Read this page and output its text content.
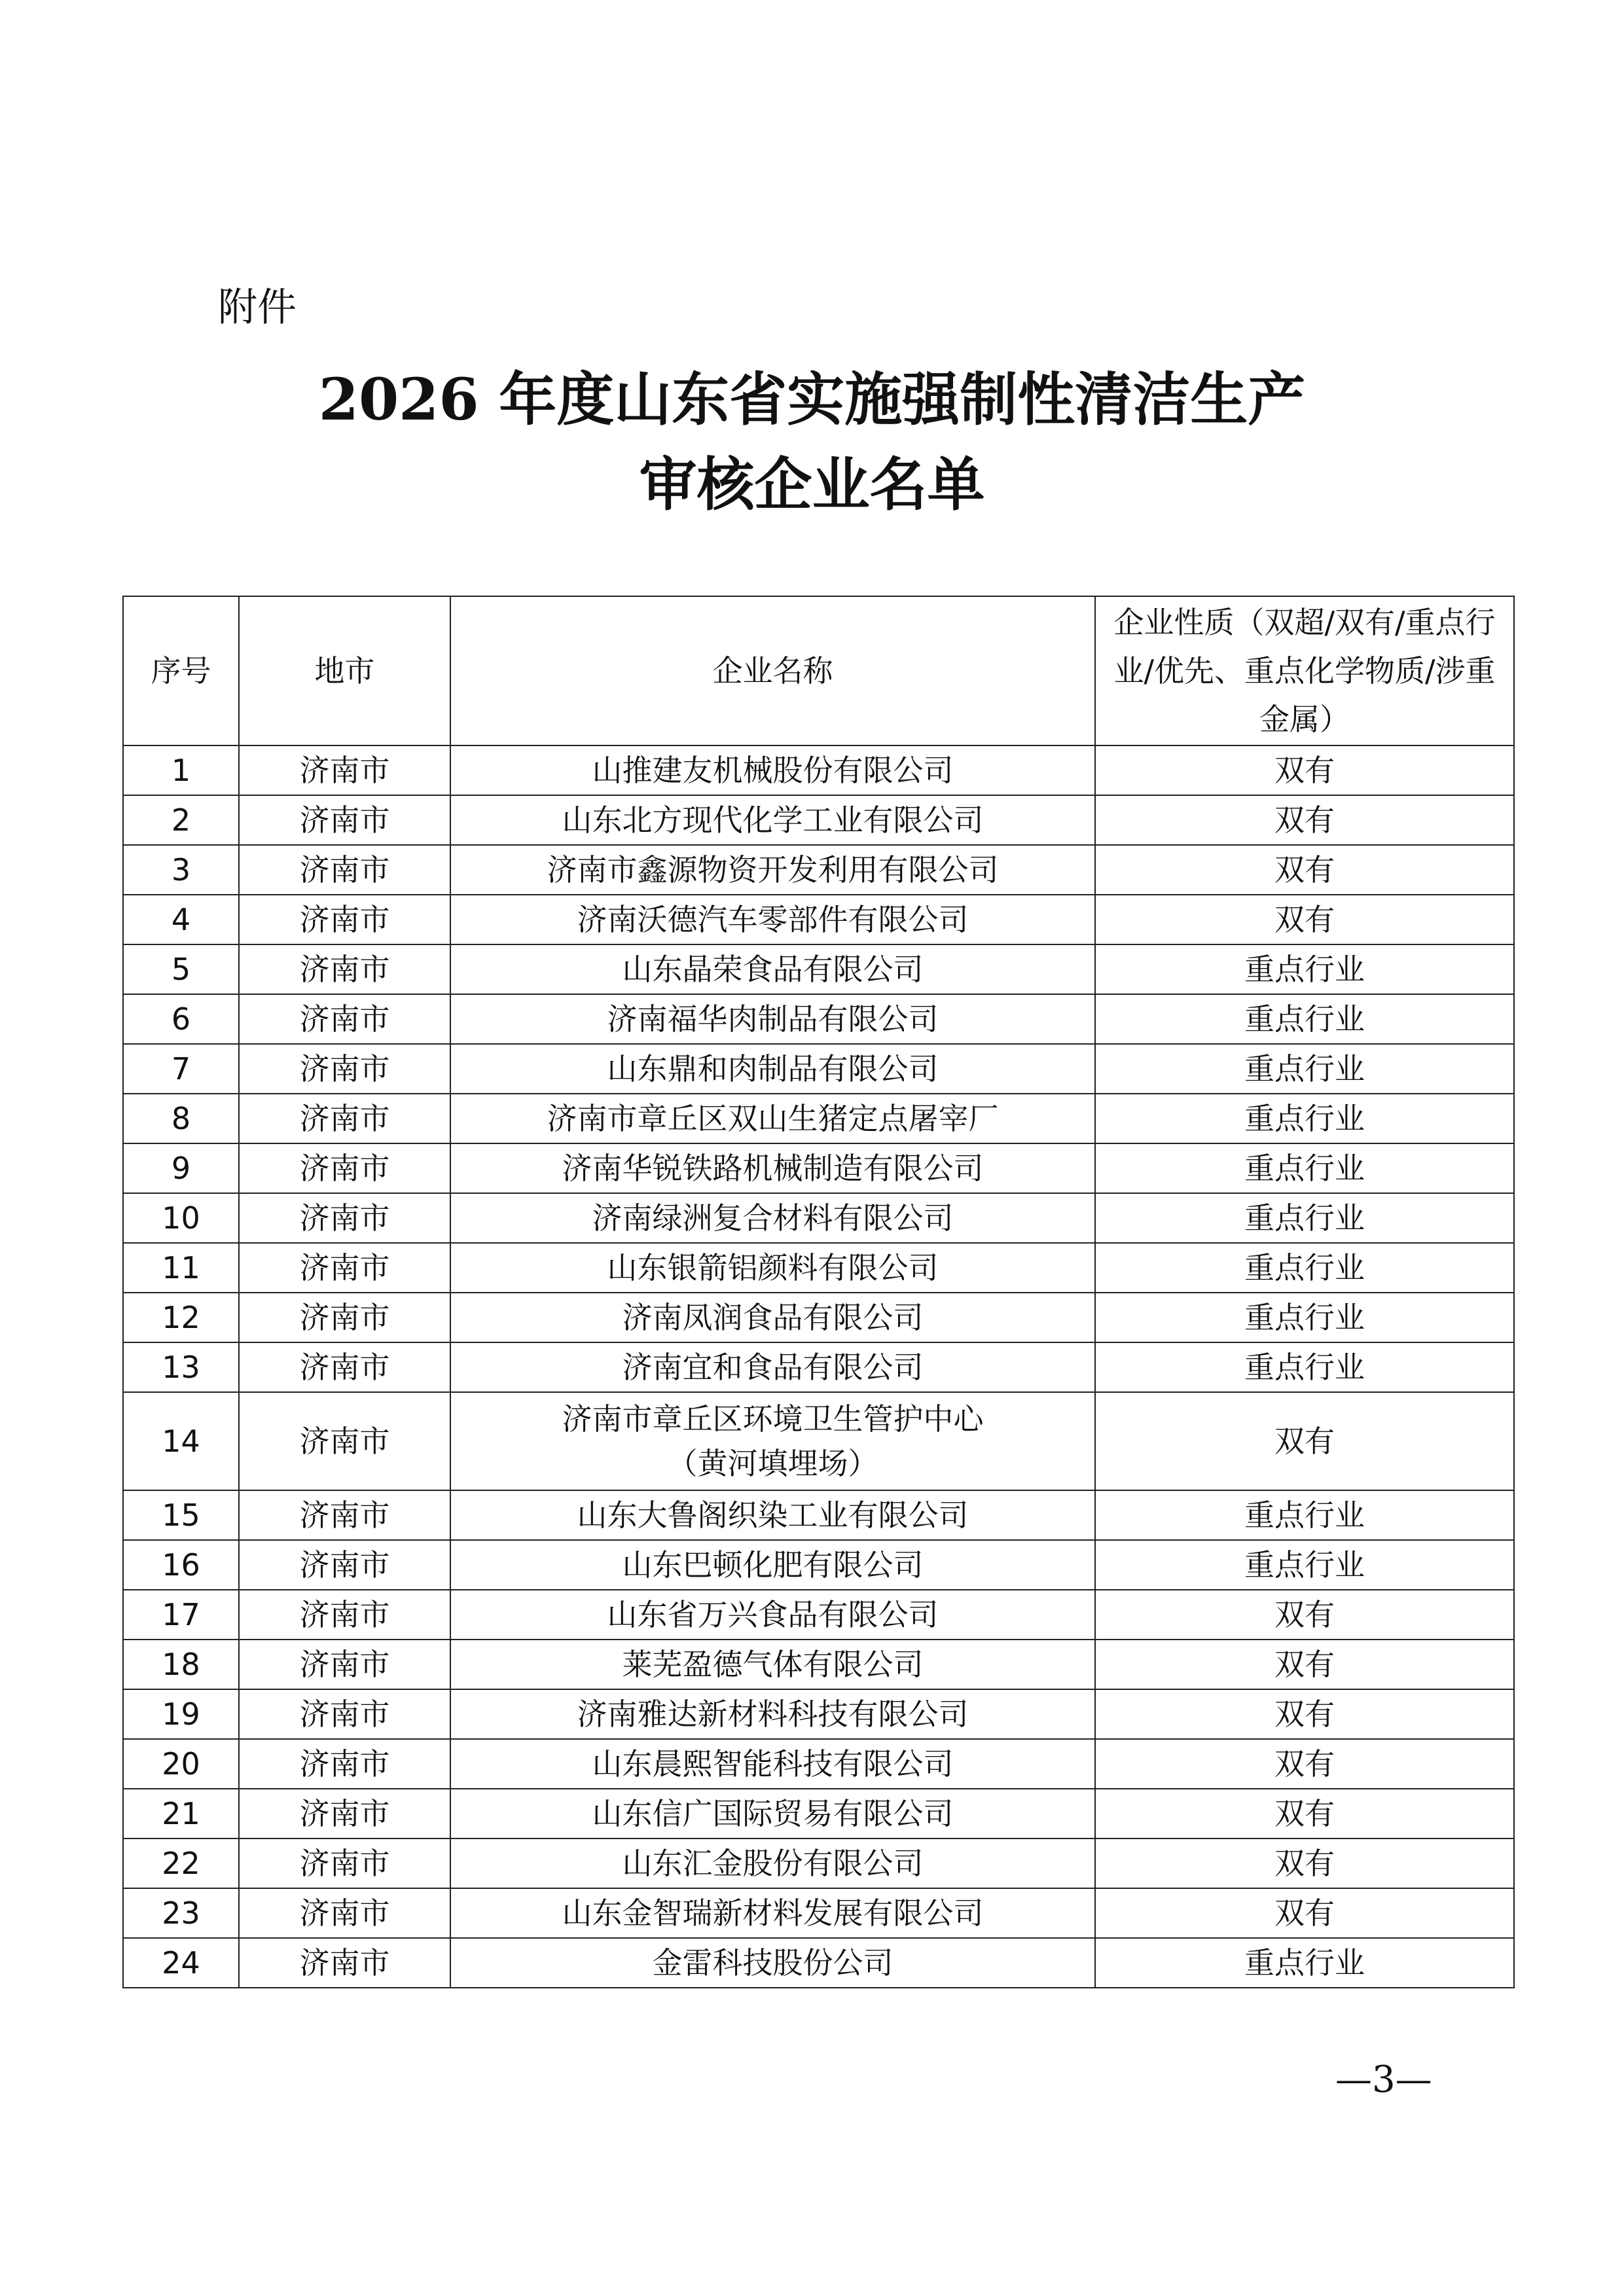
附件
2026 年度山东省实施强制性清洁生产
审核企业名单
序号	地市	企业名称	企业性质（双超/双有/重点行业/优先、重点化学物质/涉重金属）
1	济南市	山推建友机械股份有限公司	双有
2	济南市	山东北方现代化学工业有限公司	双有
3	济南市	济南市鑫源物资开发利用有限公司	双有
4	济南市	济南沃德汽车零部件有限公司	双有
5	济南市	山东晶荣食品有限公司	重点行业
6	济南市	济南福华肉制品有限公司	重点行业
7	济南市	山东鼎和肉制品有限公司	重点行业
8	济南市	济南市章丘区双山生猪定点屠宰厂	重点行业
9	济南市	济南华锐铁路机械制造有限公司	重点行业
10	济南市	济南绿洲复合材料有限公司	重点行业
11	济南市	山东银箭铝颜料有限公司	重点行业
12	济南市	济南凤润食品有限公司	重点行业
13	济南市	济南宜和食品有限公司	重点行业
14	济南市	济南市章丘区环境卫生管护中心
（黄河填埋场）	双有
15	济南市	山东大鲁阁织染工业有限公司	重点行业
16	济南市	山东巴顿化肥有限公司	重点行业
17	济南市	山东省万兴食品有限公司	双有
18	济南市	莱芜盈德气体有限公司	双有
19	济南市	济南雅达新材料科技有限公司	双有
20	济南市	山东晨熙智能科技有限公司	双有
21	济南市	山东信广国际贸易有限公司	双有
22	济南市	山东汇金股份有限公司	双有
23	济南市	山东金智瑞新材料发展有限公司	双有
24	济南市	金雷科技股份公司	重点行业
—3—
